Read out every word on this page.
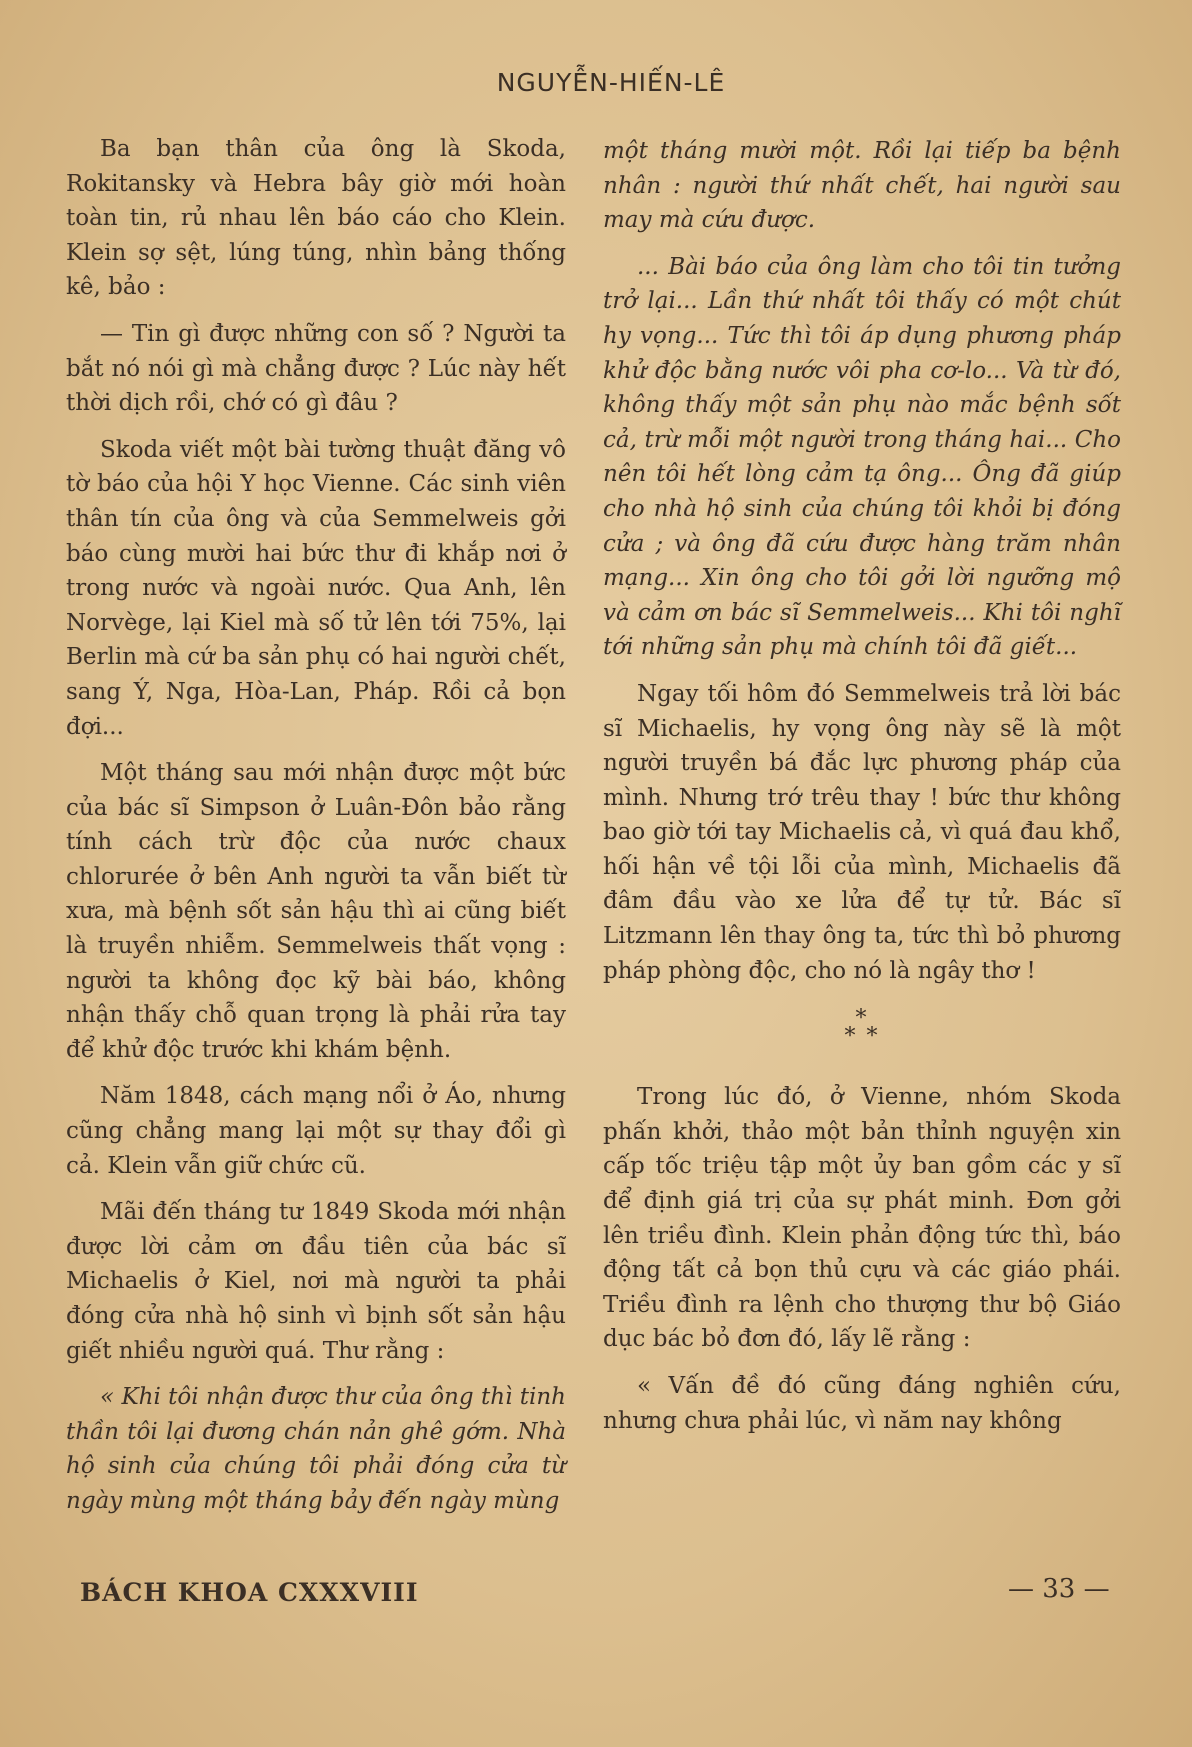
NGUYỄN-HIẾN-LÊ

Ba bạn thân của ông là Skoda, Rokitansky và Hebra bây giờ mới hoàn toàn tin, rủ nhau lên báo cáo cho Klein. Klein sợ sệt, lúng túng, nhìn bảng thống kê, bảo :

— Tin gì được những con số ? Người ta bắt nó nói gì mà chẳng được ? Lúc này hết thời dịch rồi, chớ có gì đâu ?

Skoda viết một bài tường thuật đăng vô tờ báo của hội Y học Vienne. Các sinh viên thân tín của ông và của Semmelweis gởi báo cùng mười hai bức thư đi khắp nơi ở trong nước và ngoài nước. Qua Anh, lên Norvège, lại Kiel mà số tử lên tới 75%, lại Berlin mà cứ ba sản phụ có hai người chết, sang Ý, Nga, Hòa-Lan, Pháp. Rồi cả bọn đợi...

Một tháng sau mới nhận được một bức của bác sĩ Simpson ở Luân-Đôn bảo rằng tính cách trừ độc của nước chaux chlorurée ở bên Anh người ta vẫn biết từ xưa, mà bệnh sốt sản hậu thì ai cũng biết là truyền nhiễm. Semmelweis thất vọng : người ta không đọc kỹ bài báo, không nhận thấy chỗ quan trọng là phải rửa tay để khử độc trước khi khám bệnh.

Năm 1848, cách mạng nổi ở Áo, nhưng cũng chẳng mang lại một sự thay đổi gì cả. Klein vẫn giữ chức cũ.

Mãi đến tháng tư 1849 Skoda mới nhận được lời cảm ơn đầu tiên của bác sĩ Michaelis ở Kiel, nơi mà người ta phải đóng cửa nhà hộ sinh vì bịnh sốt sản hậu giết nhiều người quá. Thư rằng :

« Khi tôi nhận được thư của ông thì tinh thần tôi lại đương chán nản ghê gớm. Nhà hộ sinh của chúng tôi phải đóng cửa từ ngày mùng một tháng bảy đến ngày mùng

một tháng mười một. Rồi lại tiếp ba bệnh nhân : người thứ nhất chết, hai người sau may mà cứu được.

... Bài báo của ông làm cho tôi tin tưởng trở lại... Lần thứ nhất tôi thấy có một chút hy vọng... Tức thì tôi áp dụng phương pháp khử độc bằng nước vôi pha cơ-lo... Và từ đó, không thấy một sản phụ nào mắc bệnh sốt cả, trừ mỗi một người trong tháng hai... Cho nên tôi hết lòng cảm tạ ông... Ông đã giúp cho nhà hộ sinh của chúng tôi khỏi bị đóng cửa ; và ông đã cứu được hàng trăm nhân mạng... Xin ông cho tôi gởi lời ngưỡng mộ và cảm ơn bác sĩ Semmelweis... Khi tôi nghĩ tới những sản phụ mà chính tôi đã giết...

Ngay tối hôm đó Semmelweis trả lời bác sĩ Michaelis, hy vọng ông này sẽ là một người truyền bá đắc lực phương pháp của mình. Nhưng trớ trêu thay ! bức thư không bao giờ tới tay Michaelis cả, vì quá đau khổ, hối hận về tội lỗi của mình, Michaelis đã đâm đầu vào xe lửa để tự tử. Bác sĩ Litzmann lên thay ông ta, tức thì bỏ phương pháp phòng độc, cho nó là ngây thơ !

*
* *

Trong lúc đó, ở Vienne, nhóm Skoda phấn khởi, thảo một bản thỉnh nguyện xin cấp tốc triệu tập một ủy ban gồm các y sĩ để định giá trị của sự phát minh. Đơn gởi lên triều đình. Klein phản động tức thì, báo động tất cả bọn thủ cựu và các giáo phái. Triều đình ra lệnh cho thượng thư bộ Giáo dục bác bỏ đơn đó, lấy lẽ rằng :

« Vấn đề đó cũng đáng nghiên cứu, nhưng chưa phải lúc, vì năm nay không

BÁCH KHOA CXXXVIII	— 33 —
